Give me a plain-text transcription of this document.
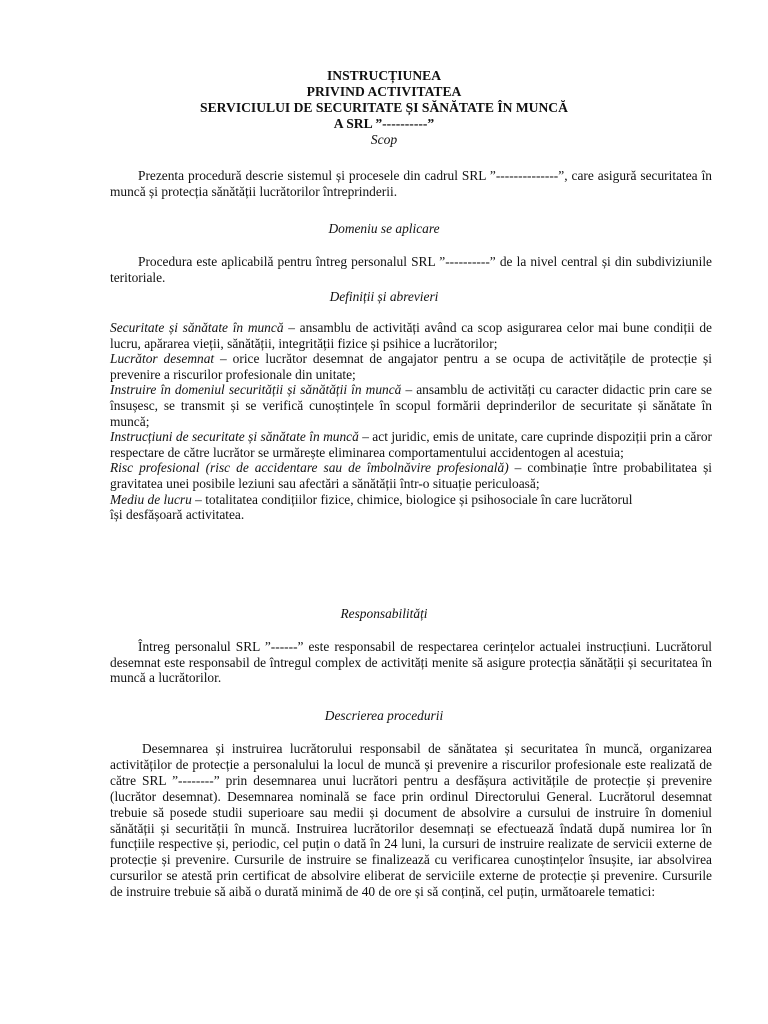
INSTRUCȚIUNEA
PRIVIND ACTIVITATEA
SERVICIULUI DE SECURITATE ȘI SĂNĂTATE ÎN MUNCĂ
A SRL ”----------”
Scop
Prezenta procedură descrie sistemul și procesele din cadrul SRL ”--------------”, care asigură securitatea în muncă și protecția sănătății lucrătorilor întreprinderii.
Domeniu se aplicare
Procedura este aplicabilă pentru întreg personalul SRL ”----------” de la nivel central și din subdiviziunile teritoriale.
Definiții și abrevieri

Securitate și sănătate în muncă – ansamblu de activități având ca scop asigurarea celor mai bune condiții de lucru, apărarea vieții, sănătății, integrității fizice și psihice a lucrătorilor;

Lucrător desemnat – orice lucrător desemnat de angajator pentru a se ocupa de activitățile de protecție și prevenire a riscurilor profesionale din unitate;

Instruire în domeniul securității și sănătății în muncă – ansamblu de activități cu caracter didactic prin care se însușesc, se transmit și se verifică cunoștințele în scopul formării deprinderilor de securitate și sănătate în muncă;

Instrucțiuni de securitate și sănătate în muncă – act juridic, emis de unitate, care cuprinde dispoziții prin a căror respectare de către lucrător se urmărește eliminarea comportamentului accidentogen al acestuia;

Risc profesional (risc de accidentare sau de îmbolnăvire profesională) – combinație între probabilitatea și gravitatea unei posibile leziuni sau afectări a sănătății într-o situație periculoasă;

Mediu de lucru – totalitatea condițiilor fizice, chimice, biologice și psihosociale în care lucrătorul

își desfășoară activitatea.

Responsabilități
Întreg personalul SRL ”------” este responsabil de respectarea cerințelor actualei instrucțiuni. Lucrătorul desemnat este responsabil de întregul complex de activități menite să asigure protecția sănătății și securitatea în muncă a lucrătorilor.
Descrierea procedurii
Desemnarea și instruirea lucrătorului responsabil de sănătatea și securitatea în muncă, organizarea activităților de protecție a personalului la locul de muncă și prevenire a riscurilor profesionale este realizată de către SRL ”--------” prin desemnarea unui lucrători pentru a desfășura activitățile de protecție și prevenire (lucrător desemnat). Desemnarea nominală se face prin ordinul Directorului General. Lucrătorul desemnat trebuie să posede studii superioare sau medii și document de absolvire a cursului de instruire în domeniul sănătății și securității în muncă. Instruirea lucrătorilor desemnați se efectuează îndată după numirea lor în funcțiile respective și, periodic, cel puțin o dată în 24 luni, la cursuri de instruire realizate de servicii externe de protecție și prevenire. Cursurile de instruire se finalizează cu verificarea cunoștințelor însușite, iar absolvirea cursurilor se atestă prin certificat de absolvire eliberat de serviciile externe de protecție și prevenire. Cursurile de instruire trebuie să aibă o durată minimă de 40 de ore și să conțină, cel puțin, următoarele tematici:
